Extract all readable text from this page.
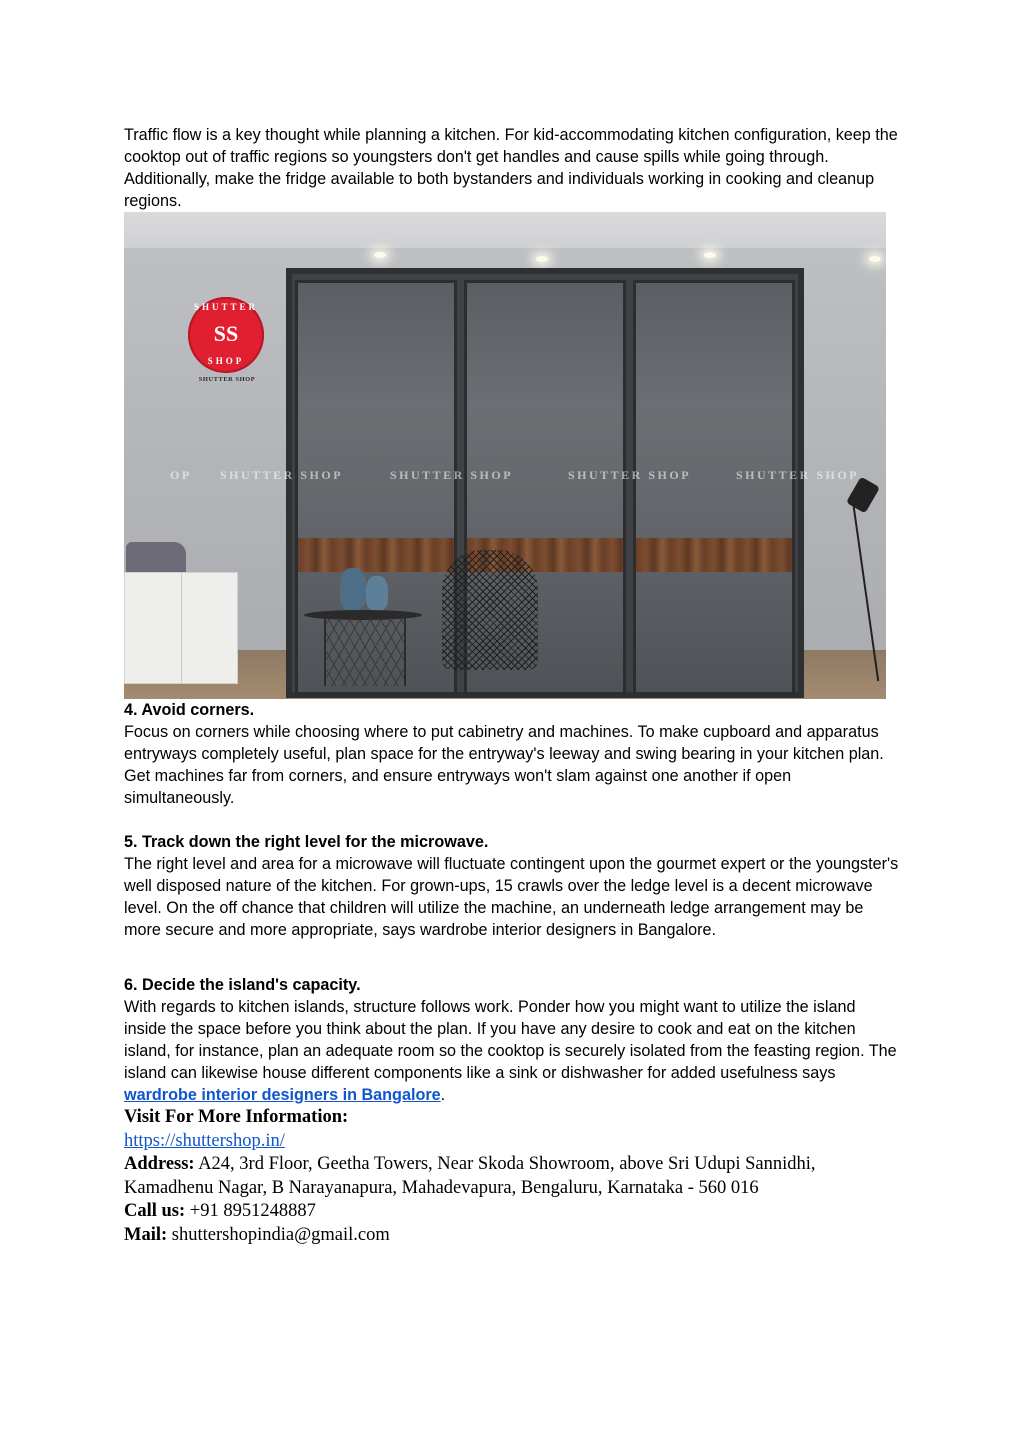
Traffic flow is a key thought while planning a kitchen. For kid-accommodating kitchen configuration, keep the cooktop out of traffic regions so youngsters don't get handles and cause spills while going through. Additionally, make the fridge available to both bystanders and individuals working in cooking and cleanup regions.

OP SHUTTER SHOP	SHUTTER SHOP	SHUTTER SHOP	SHUTTER SHOP
SHUTTER
SS
SHOP
SHUTTER SHOP

4. Avoid corners.

Focus on corners while choosing where to put cabinetry and machines. To make cupboard and apparatus entryways completely useful, plan space for the entryway's leeway and swing bearing in your kitchen plan. Get machines far from corners, and ensure entryways won't slam against one another if open simultaneously.

5. Track down the right level for the microwave.

The right level and area for a microwave will fluctuate contingent upon the gourmet expert or the youngster's well disposed nature of the kitchen. For grown-ups, 15 crawls over the ledge level is a decent microwave level. On the off chance that children will utilize the machine, an underneath ledge arrangement may be more secure and more appropriate, says wardrobe interior designers in Bangalore.

6. Decide the island's capacity.

With regards to kitchen islands, structure follows work. Ponder how you might want to utilize the island inside the space before you think about the plan. If you have any desire to cook and eat on the kitchen island, for instance, plan an adequate room so the cooktop is securely isolated from the feasting region. The island can likewise house different components like a sink or dishwasher for added usefulness says wardrobe interior designers in Bangalore.

Visit For More Information:

https://shuttershop.in/

Address: A24, 3rd Floor, Geetha Towers, Near Skoda Showroom, above Sri Udupi Sannidhi, Kamadhenu Nagar, B Narayanapura, Mahadevapura, Bengaluru, Karnataka - 560 016

Call us: +91 8951248887

Mail: shuttershopindia@gmail.com
